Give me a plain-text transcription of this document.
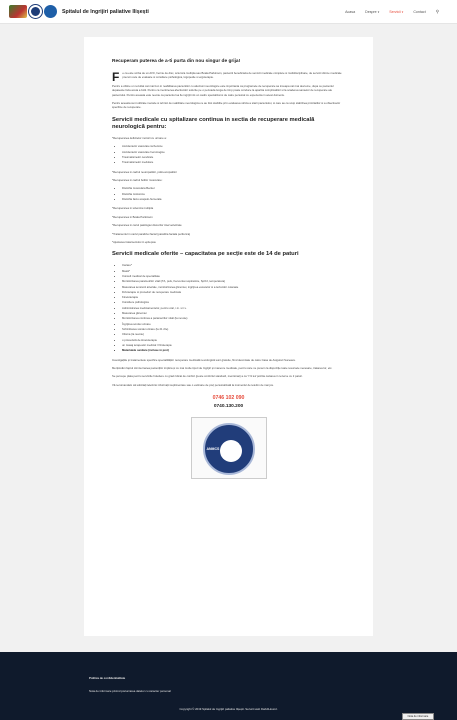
Spitalul de îngrijiri paliative Ilișești	Acasa	Despre ▾	Servicii ▾	Contact ⚲
Recuperam puterea de a-ti purta din nou singur de grija!

F e ca este vorba de un AVC, hernie de disc, scleroza multipla sau Boala Parkinson, pacientii beneficiaza de servicii medicale complete si multidisciplinare, de servicii clinice medicale precum cele de evaluare si consiliere psihologica, logopedie si ergoterapie.

Pentru a obtine un rezultat cat mai bun in reabilitarea pacientilor cu afectiuni neurologice este importanta ca programele de recuperare sa inceapa cat mai devreme, dupa ce pacientul depaseste faza acuta a bolii. Pentru ca mentinerea afectiunilor suferite pe o perioada lunga de timp poate conduce la aparitia complicatiilor si la scaderea sanselor de recuperare ale pacientului. Pentru aceasta este nevoie ca pacientul sa fie ingrijit intr-un cadru specializat si de catre personal cu experienta in acest domeniu.

Pentru aceasta sunt utilizate metode si tehnici de reabilitare neurologica ce au fost stabilite prin evaluarea stricta a starii pacientului, si care au ca scop stabilirea prioritatilor si a obiectivelor specifice de recuperare.

Servicii medicale cu spitalizare continua in sectia de recuperare medicală neurologică pentru:

*Recuperarea deficitelor motorii cu urmare a:

• Accidentelor vasculare ischemice
• Accidentelor vasculare hemoragice
• Traumatismelor cerebrale
• Traumatismelor medulare

*Recuperarea in cadrul neuropatiilor, polineuropatiilor

*Recuperarea in cadrul bolilor musculare:

• Distrofia musculara Becker
• Distrofia miotonica
• Distrofia facio-scapulo-humerala

*Recuperarea in scleroza multipla

*Recuperarea in Boala Parkinson

*Recuperarea in cazul patologiei discurilor intervertebrale

*Tratamentul in cazul paraliziei facial (paralizia faciala periferica)

*Ajustarea tratamentului in epilepsie

Servicii medicale oferite – capacitatea pe secție este de 14 de paturi
• Cazare*
• Masă*
• Consult medical de specialitate
• Monitorizarea parametrilor vitali (TA, puls, frecventa respiratorie, SpO2, temperatura)
• Masurarea tensiunii arteriale, monitorizarea glicemiei, ingrijirea escarelor si a leziunilor cutanate
• Fizioterapie si proceduri de recuperare medicala
• Kinetoterapie
• Consiliere psihologica
• Administrarea medicamentelor, pentru oral, i.m. si i.v.
• Masurarea glicemiei
• Monitorizarea continua a parametrilor vitali (la nevoie)
• Îngrijirea sondei urinare
• Schimbarea sondei urinare (la 21 zile)
• Clisma (la nevoie)
• o procedură de kinetoterapie
• un masaj terapeutic medical / fizioterapie
• Materialele sanitare (incluse in pret)

Investigațiile și tratamentele specifice specialităților recuperare medicală neurologică sunt gratuite, fiind decontate de catre Casa de Asigurari Suceava.

Menționăm faptul că internarea pacienților implica și cu mai multe tipuri de îngrijiri și manevre medicale, pentru care ne punem la dispoziție toate resursele necesare, tratarea lor, etc.

Se percepe plata pentru serviciile hoteliere cu grad ridicat de confort (peste confortul standard, mentionat) a ca '7-9 lei/ pozitia cazarea in rezerve cu 2 paturi.

Vă recomandam să solicitați telefonic informații suplimentare sau o estimare de preț personalizată la momentul de telefon de mai jos.

0746 102 090
0740.130.200
ANMCS
II
Politica de confidentialitate
Nota de informare privind prelucrarea datelor cu caracter personal
Copyright © 2019 Spitalul de îngrijiri paliative Ilișești. Servicii web Dark4Hound.
Nota de informare
